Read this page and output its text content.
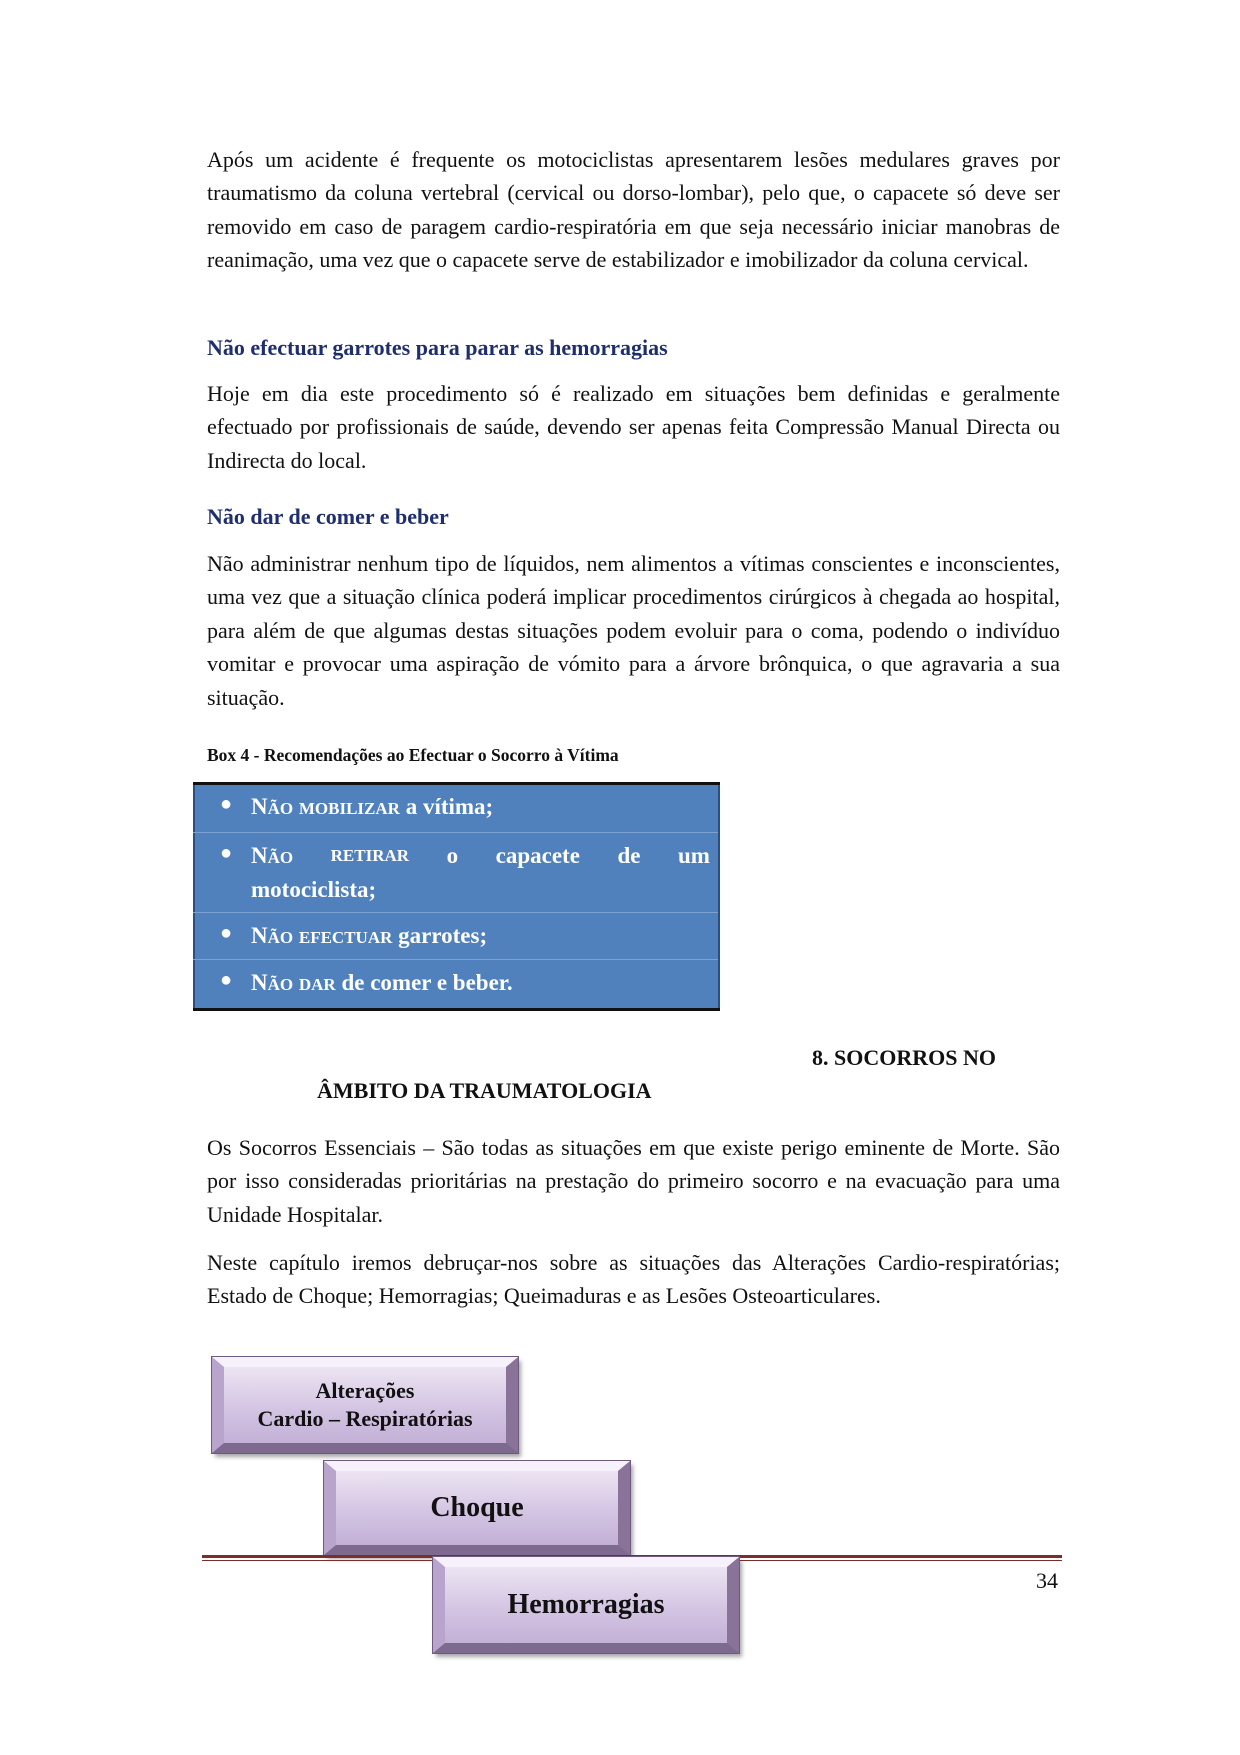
Após um acidente é frequente os motociclistas apresentarem lesões medulares graves por traumatismo da coluna vertebral (cervical ou dorso-lombar), pelo que, o capacete só deve ser removido em caso de paragem cardio-respiratória em que seja necessário iniciar manobras de reanimação, uma vez que o capacete serve de estabilizador e imobilizador da coluna cervical.

Não efectuar garrotes para parar as hemorragias

Hoje em dia este procedimento só é realizado em situações bem definidas e geralmente efectuado por profissionais de saúde, devendo ser apenas feita Compressão Manual Directa ou Indirecta do local.

Não dar de comer e beber

Não administrar nenhum tipo de líquidos, nem alimentos a vítimas conscientes e inconscientes, uma vez que a situação clínica poderá implicar procedimentos cirúrgicos à chegada ao hospital, para além de que algumas destas situações podem evoluir para o coma, podendo o indivíduo vomitar e provocar uma aspiração de vómito para a árvore brônquica, o que agravaria a sua situação.

Box 4 - Recomendações ao Efectuar o Socorro à Vítima

● NÃO MOBILIZAR a vítima;
● NÃO RETIRAR o capacete de um
motociclista;
● NÃO EFECTUAR garrotes;
● NÃO DAR de comer e beber.
8. SOCORROS NO
ÂMBITO DA TRAUMATOLOGIA

Os Socorros Essenciais – São todas as situações em que existe perigo eminente de Morte. São por isso consideradas prioritárias na prestação do primeiro socorro e na evacuação para uma Unidade Hospitalar.

Neste capítulo iremos debruçar-nos sobre as situações das Alterações Cardio-respiratórias; Estado de Choque; Hemorragias; Queimaduras e as Lesões Osteoarticulares.

Alterações
Cardio – Respiratórias
Choque
Hemorragias

34
